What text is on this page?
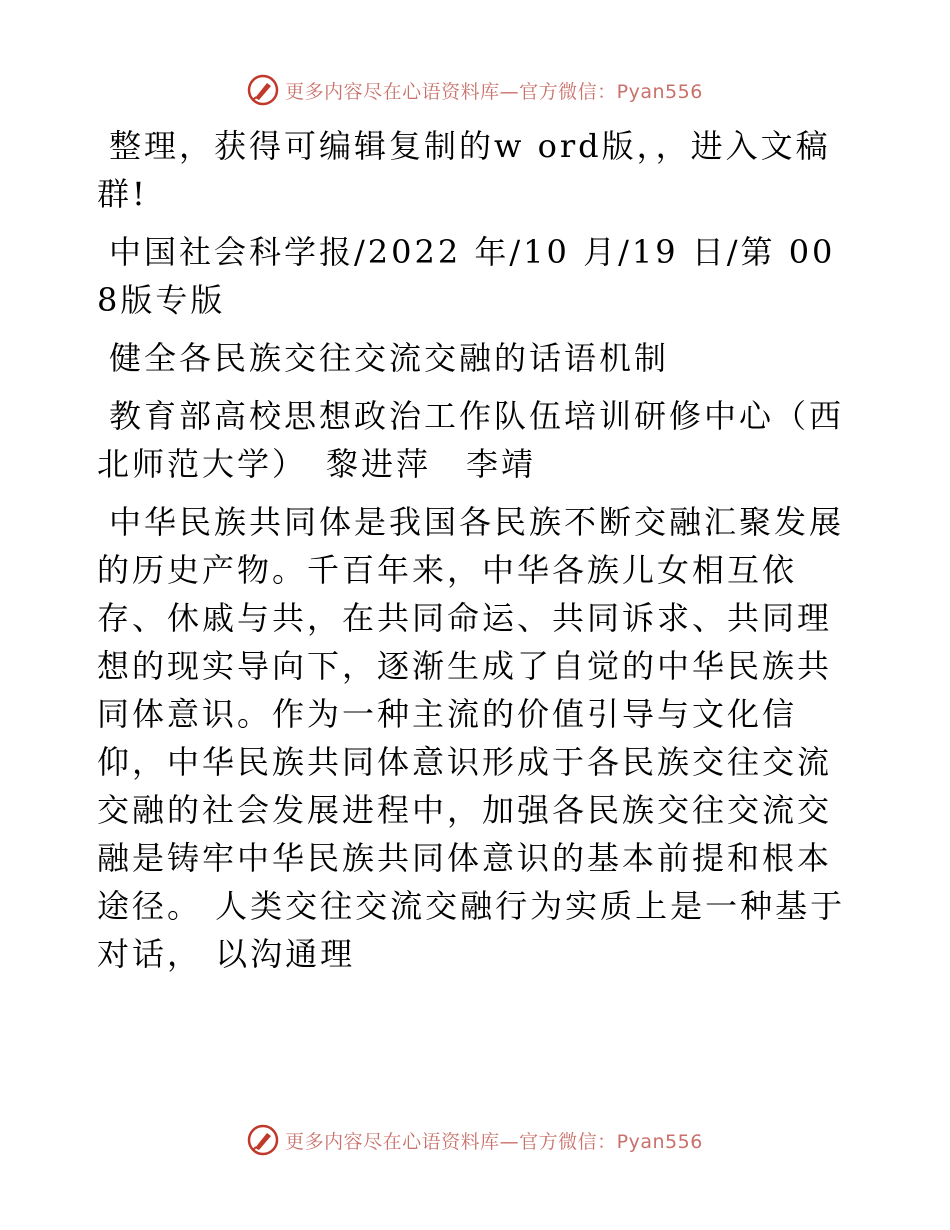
更多内容尽在心语资料库—官方微信：Pyan556

整理，获得可编辑复制的w ord版，，进入文稿群!

中国社会科学报/2022 年/10 月/19 日/第 008版专版

健全各民族交往交流交融的话语机制

教育部高校思想政治工作队伍培训研修中心（西北师范大学）　黎进萍　李靖

中华民族共同体是我国各民族不断交融汇聚发展的历史产物。千百年来，中华各族儿女相互依存、休戚与共，在共同命运、共同诉求、共同理想的现实导向下，逐渐生成了自觉的中华民族共同体意识。作为一种主流的价值引导与文化信仰，中华民族共同体意识形成于各民族交往交流交融的社会发展进程中，加强各民族交往交流交融是铸牢中华民族共同体意识的基本前提和根本途径。 人类交往交流交融行为实质上是一种基于对话， 以沟通理

更多内容尽在心语资料库—官方微信：Pyan556
